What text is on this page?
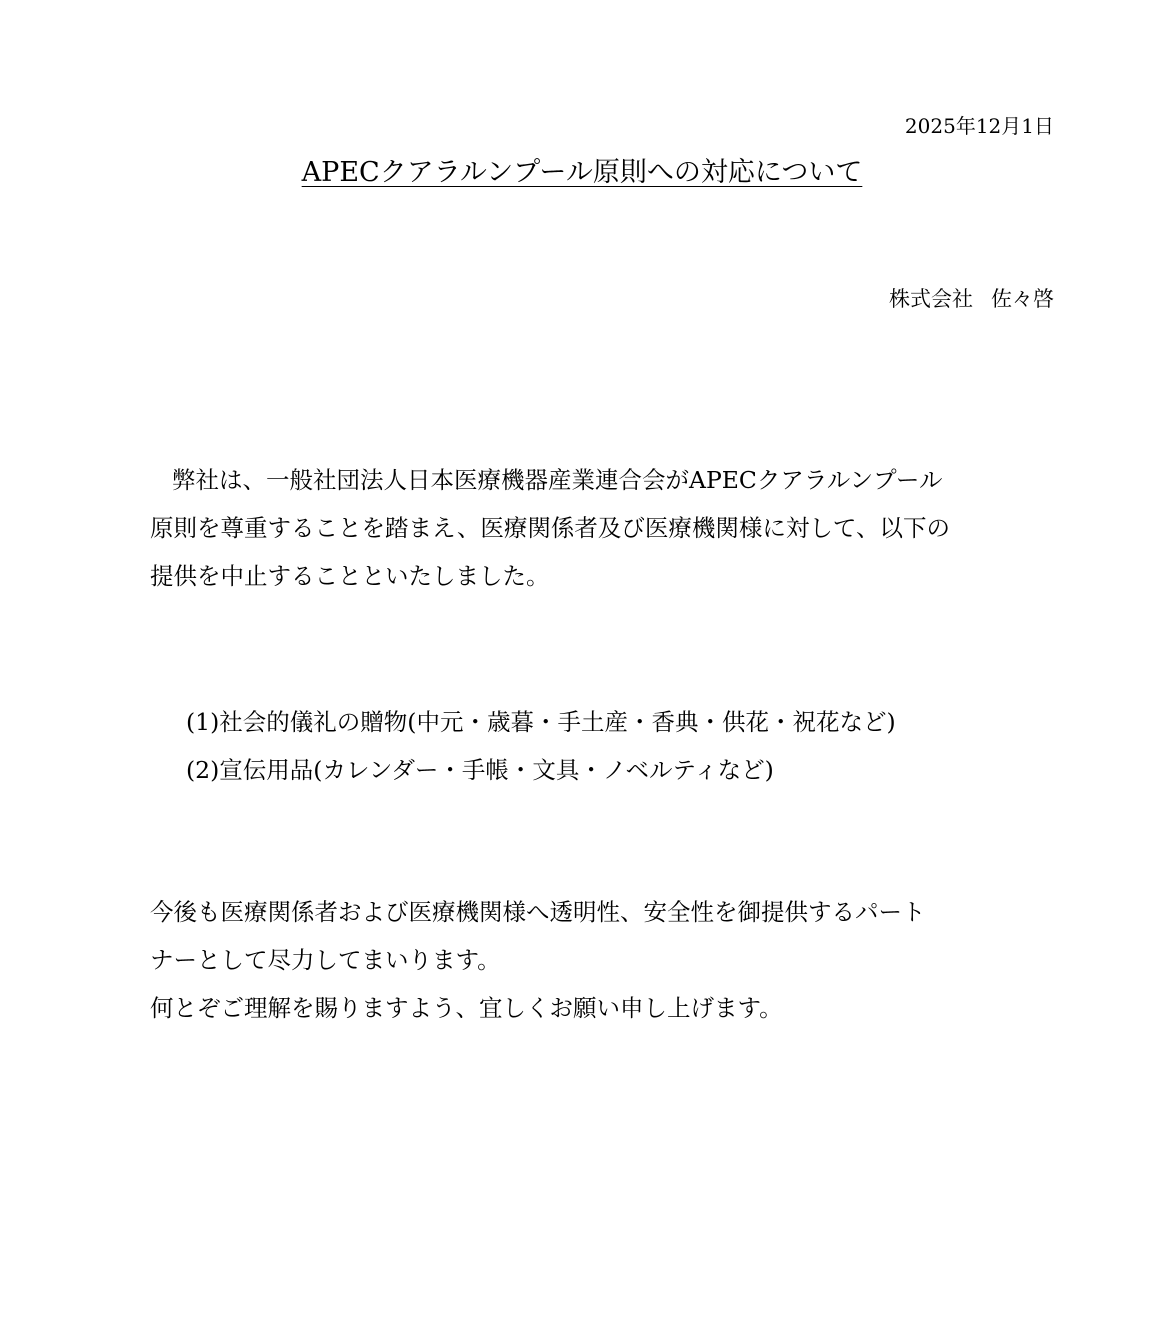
2025年12月1日
APECクアラルンプール原則への対応について
株式会社 佐々啓
弊社は、一般社団法人日本医療機器産業連合会がAPECクアラルンプール
原則を尊重することを踏まえ、医療関係者及び医療機関様に対して、以下の
提供を中止することといたしました。
(1)社会的儀礼の贈物(中元・歳暮・手土産・香典・供花・祝花など)
(2)宣伝用品(カレンダー・手帳・文具・ノベルティなど)
今後も医療関係者および医療機関様へ透明性、安全性を御提供するパート
ナーとして尽力してまいります。
何とぞご理解を賜りますよう、宜しくお願い申し上げます。
